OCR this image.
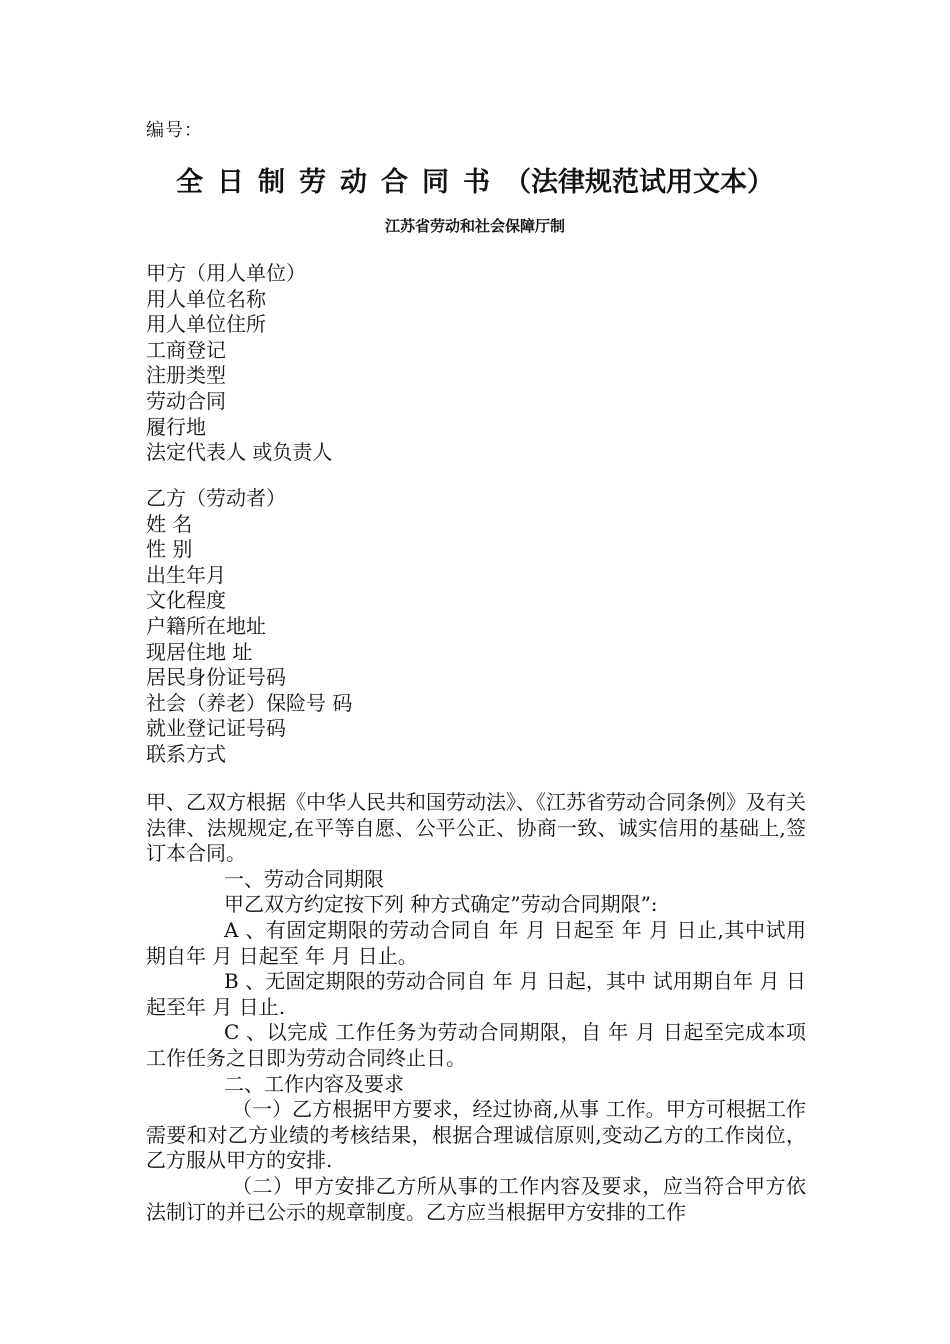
编号：
全日制劳动合同书（法律规范试用文本）
江苏省劳动和社会保障厅制
甲方（用人单位）
用人单位名称
用人单位住所
工商登记
注册类型
劳动合同
履行地
法定代表人 或负责人
乙方（劳动者）
姓 名
性 别
出生年月
文化程度
户籍所在地址
现居住地 址
居民身份证号码
社会（养老）保险号 码
就业登记证号码
联系方式

甲、乙双方根据《中华人民共和国劳动法》、《江苏省劳动合同条例》及有关法律、法规规定,在平等自愿、公平公正、协商一致、诚实信用的基础上,签订本合同。

一、劳动合同期限

甲乙双方约定按下列 种方式确定”劳动合同期限”:

A 、有固定期限的劳动合同自 年 月 日起至 年 月 日止,其中试用期自年 月 日起至 年 月 日止。

B 、无固定期限的劳动合同自 年 月 日起，其中 试用期自年 月 日起至年 月 日止.

C 、以完成 工作任务为劳动合同期限，自 年 月 日起至完成本项工作任务之日即为劳动合同终止日。

二、工作内容及要求

（一）乙方根据甲方要求，经过协商,从事 工作。甲方可根据工作需要和对乙方业绩的考核结果，根据合理诚信原则,变动乙方的工作岗位，乙方服从甲方的安排.

（二）甲方安排乙方所从事的工作内容及要求，应当符合甲方依法制订的并已公示的规章制度。乙方应当根据甲方安排的工作
